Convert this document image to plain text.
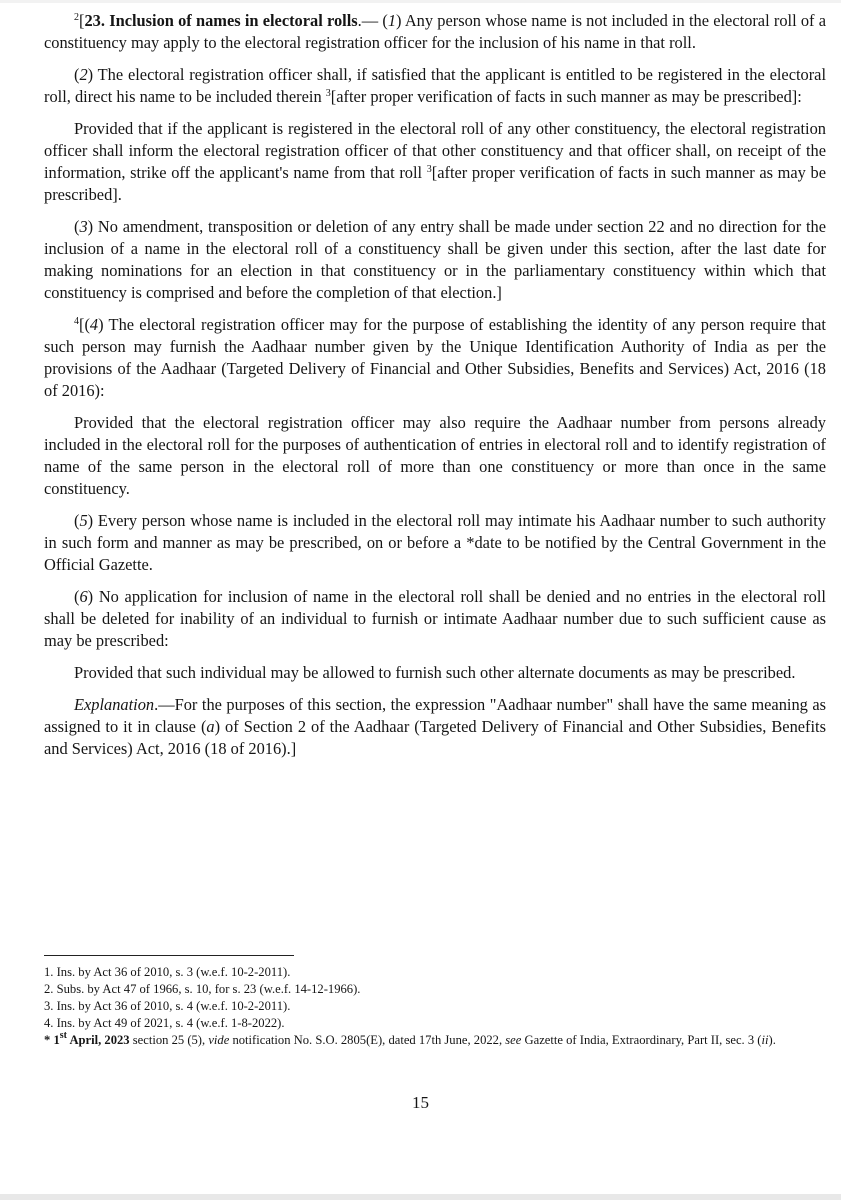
$^2$[23. Inclusion of names in electoral rolls.— (1) Any person whose name is not included in the electoral roll of a constituency may apply to the electoral registration officer for the inclusion of his name in that roll.

(2) The electoral registration officer shall, if satisfied that the applicant is entitled to be registered in the electoral roll, direct his name to be included therein $^3$[after proper verification of facts in such manner as may be prescribed]:

Provided that if the applicant is registered in the electoral roll of any other constituency, the electoral registration officer shall inform the electoral registration officer of that other constituency and that officer shall, on receipt of the information, strike off the applicant's name from that roll $^3$[after proper verification of facts in such manner as may be prescribed].

(3) No amendment, transposition or deletion of any entry shall be made under section 22 and no direction for the inclusion of a name in the electoral roll of a constituency shall be given under this section, after the last date for making nominations for an election in that constituency or in the parliamentary constituency within which that constituency is comprised and before the completion of that election.]

$^4$[(4) The electoral registration officer may for the purpose of establishing the identity of any person require that such person may furnish the Aadhaar number given by the Unique Identification Authority of India as per the provisions of the Aadhaar (Targeted Delivery of Financial and Other Subsidies, Benefits and Services) Act, 2016 (18 of 2016):

Provided that the electoral registration officer may also require the Aadhaar number from persons already included in the electoral roll for the purposes of authentication of entries in electoral roll and to identify registration of name of the same person in the electoral roll of more than one constituency or more than once in the same constituency.

(5) Every person whose name is included in the electoral roll may intimate his Aadhaar number to such authority in such form and manner as may be prescribed, on or before a *date to be notified by the Central Government in the Official Gazette.

(6) No application for inclusion of name in the electoral roll shall be denied and no entries in the electoral roll shall be deleted for inability of an individual to furnish or intimate Aadhaar number due to such sufficient cause as may be prescribed:

Provided that such individual may be allowed to furnish such other alternate documents as may be prescribed.

Explanation.—For the purposes of this section, the expression "Aadhaar number" shall have the same meaning as assigned to it in clause (a) of Section 2 of the Aadhaar (Targeted Delivery of Financial and Other Subsidies, Benefits and Services) Act, 2016 (18 of 2016).]

1. Ins. by Act 36 of 2010, s. 3 (w.e.f. 10-2-2011).
2. Subs. by Act 47 of 1966, s. 10, for s. 23 (w.e.f. 14-12-1966).
3. Ins. by Act 36 of 2010, s. 4 (w.e.f. 10-2-2011).
4. Ins. by Act 49 of 2021, s. 4 (w.e.f. 1-8-2022).
* 1st April, 2023 section 25 (5), vide notification No. S.O. 2805(E), dated 17th June, 2022, see Gazette of India, Extraordinary, Part II, sec. 3 (ii).
15
